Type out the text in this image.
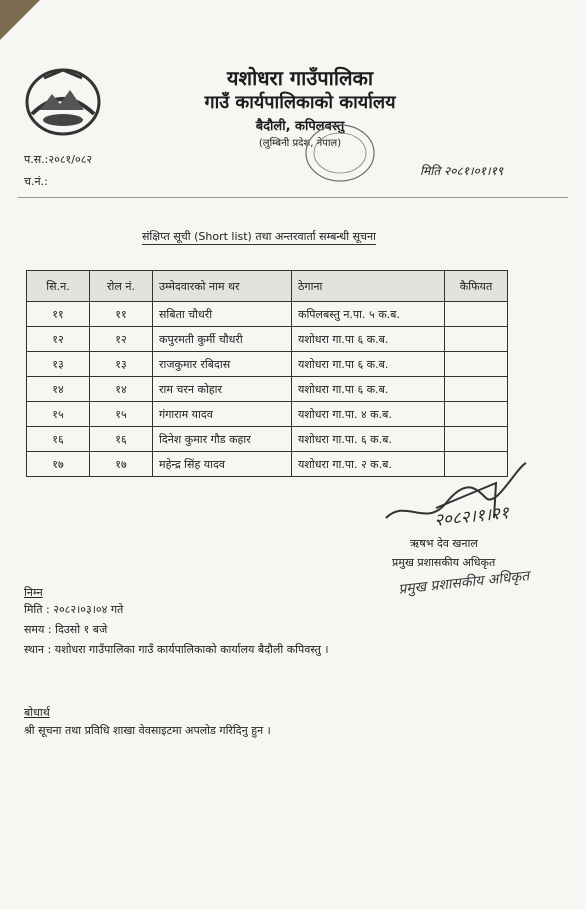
यशोधरा गाउँपालिका
गाउँ कार्यपालिकाको कार्यालय
बैदौली, कपिलवस्तु
(लुम्बिनी प्रदेश, नेपाल)
प.स.:२०८१/०८२
च.नं.:
मिति २०८१।०१।१९
संक्षिप्त सूची (Short list) तथा अन्तरवार्ता सम्बन्धी सूचना
सि.न.	रोल नं.	उम्मेदवारको नाम थर	ठेगाना	कैफियत
११	११	सबिता चौधरी	कपिलबस्तु न.पा. ५ क.ब.	
१२	१२	कपुरमती कुर्मी चौधरी	यशोधरा गा.पा ६ क.ब.	
१३	१३	राजकुमार रबिदास	यशोधरा गा.पा ६ क.ब.	
१४	१४	राम चरन कोहार	यशोधरा गा.पा ६ क.ब.	
१५	१५	गंगाराम यादव	यशोधरा गा.पा. ४ क.ब.	
१६	१६	दिनेश कुमार गौड कहार	यशोधरा गा.पा. ६ क.ब.	
१७	१७	महेन्द्र सिंह यादव	यशोधरा गा.पा. २ क.ब.	
२०८२।१।२१
ऋषभ देव खनाल
प्रमुख प्रशासकीय अधिकृत
प्रमुख प्रशासकीय अधिकृत
निम्न
मिति : २०८२।०३।०४ गते
समय : दिउसो १ बजे
स्थान : यशोधरा गाउँपालिका गाउँ कार्यपालिकाको कार्यालय बैदौली कपिवस्तु ।
बोधार्थ
श्री सूचना तथा प्रविधि शाखा वेवसाइटमा अपलोड गरिदिनु हुन ।
